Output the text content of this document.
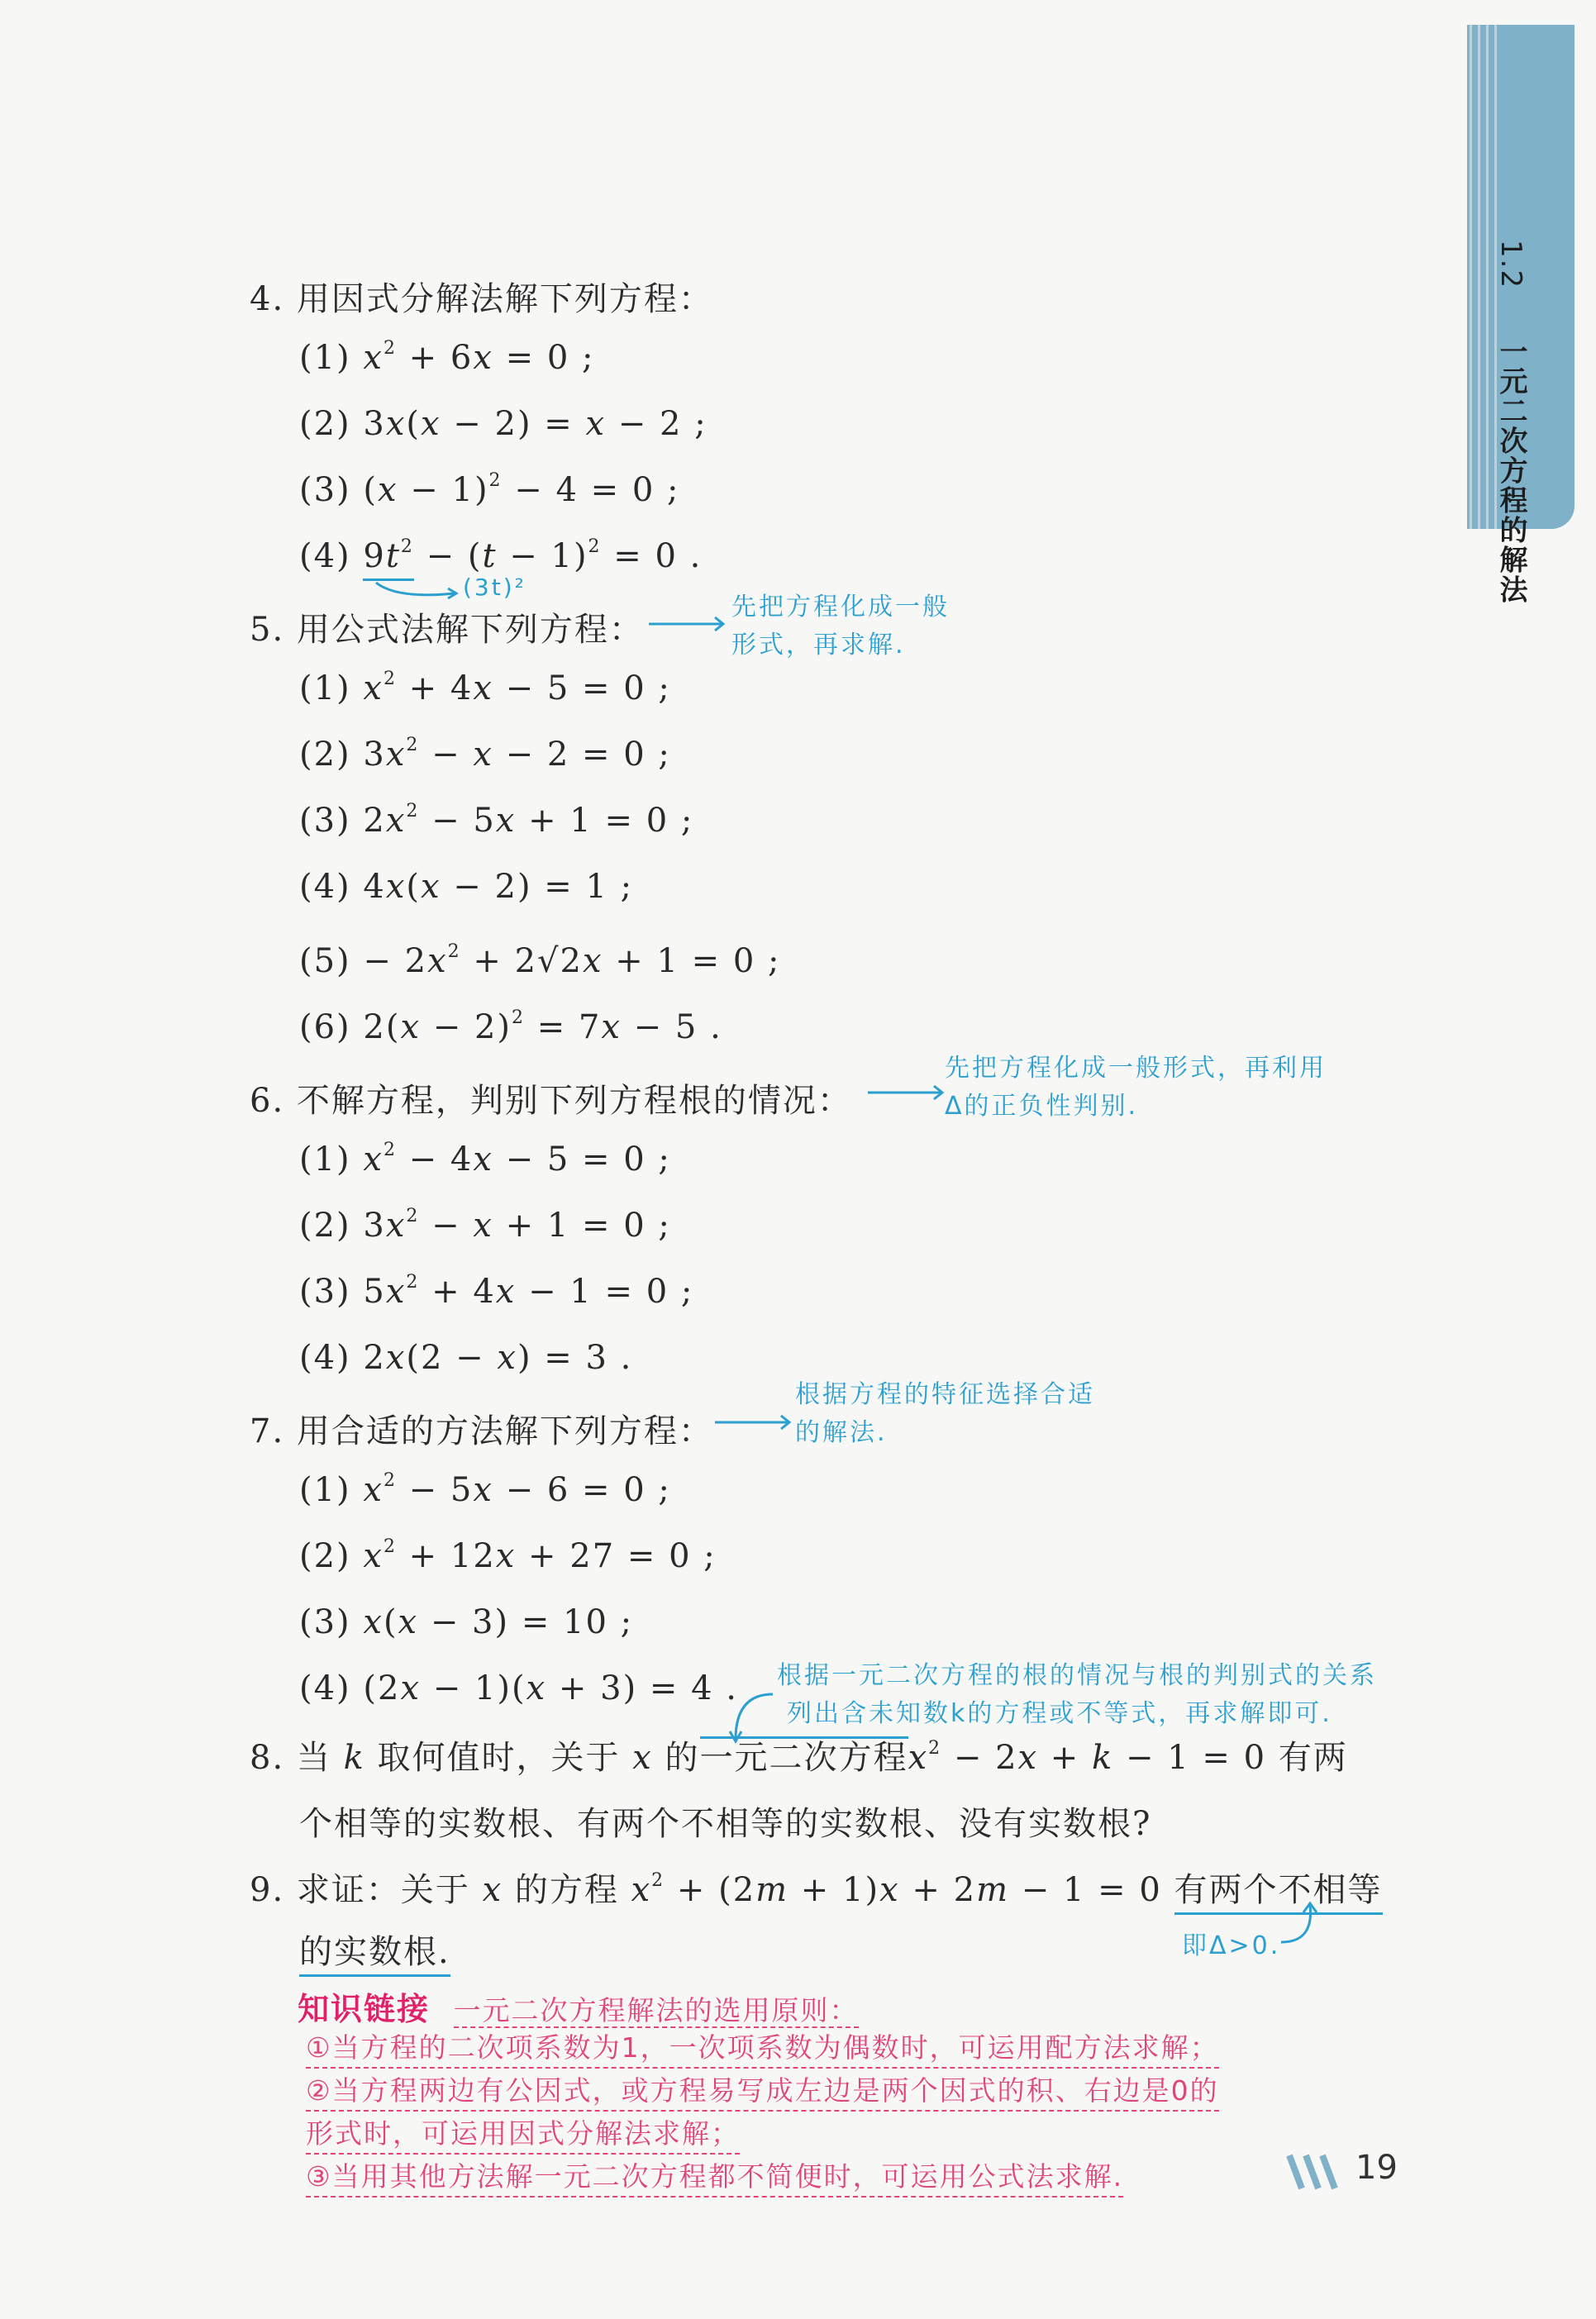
1.2  一元二次方程的解法
4. 用因式分解法解下列方程：
(1) $x^2 + 6x = 0$ ;
(2) 3x(x − 2) = x − 2 ;
(3) $(x - 1)^2 - 4 = 0$ ;
(4) $9t^2 - (t - 1)^2 = 0$ .
(3t)²
5. 用公式法解下列方程：
先把方程化成一般
形式，再求解.
(1) $x^2 + 4x - 5 = 0$ ;
(2) $3x^2 - x - 2 = 0$ ;
(3) $2x^2 - 5x + 1 = 0$ ;
(4) 4x(x − 2) = 1 ;
$(5) - 2x^2 + 2√2x + 1 = 0$ ;
(6) $2(x - 2)^2 = 7x - 5$ .
6. 不解方程，判别下列方程根的情况：
先把方程化成一般形式，再利用
Δ的正负性判别.
(1) $x^2 - 4x - 5 = 0$ ;
(2) $3x^2 - x + 1 = 0$ ;
(3) $5x^2 + 4x - 1 = 0$ ;
(4) 2x(2 − x) = 3 .
7. 用合适的方法解下列方程：
根据方程的特征选择合适
的解法.
(1) $x^2 - 5x - 6 = 0$ ;
(2) $x^2 + 12x + 27 = 0$ ;
(3) x(x − 3) = 10 ;
(4) (2x − 1)(x + 3) = 4 . 根据一元二次方程的根的情况与根的判别式的关系
列出含未知数k的方程或不等式，再求解即可.
8. 当 k 取何值时，关于 x 的一元二次方程$x^2 - 2x + k - 1 = 0$ 有两
个相等的实数根、有两个不相等的实数根、没有实数根?
9. 求证：关于 x 的方程 $x^2 + (2m + 1)x + 2m - 1 = 0$ 有两个不相等
的实数根.	即Δ>0.
知识链接 一元二次方程解法的选用原则：
①当方程的二次项系数为1，一次项系数为偶数时，可运用配方法求解；
②当方程两边有公因式，或方程易写成左边是两个因式的积、右边是0的
形式时，可运用因式分解法求解；
③当用其他方法解一元二次方程都不简便时，可运用公式法求解.	19
